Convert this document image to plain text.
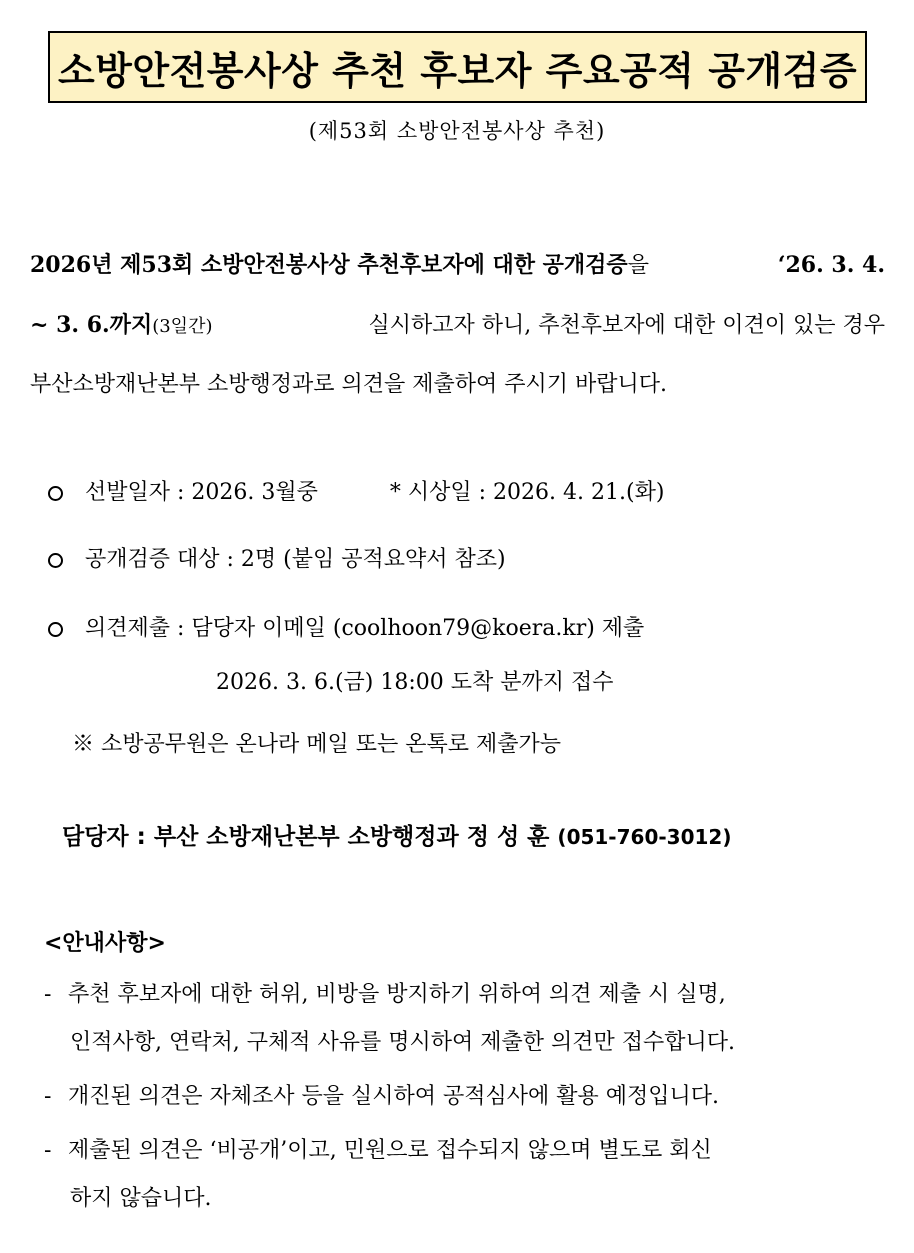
소방안전봉사상 추천 후보자 주요공적 공개검증
(제53회 소방안전봉사상 추천)
2026년 제53회 소방안전봉사상 추천후보자에 대한 공개검증을	‘26. 3. 4.
~ 3. 6.까지(3일간)	실시하고자 하니, 추천후보자에 대한 이견이 있는 경우
부산소방재난본부 소방행정과로 의견을 제출하여 주시기 바랍니다.
선발일자 : 2026. 3월중	* 시상일 : 2026. 4. 21.(화)
공개검증 대상 : 2명 (붙임 공적요약서 참조)
의견제출 : 담당자 이메일 (coolhoon79@koera.kr) 제출
2026. 3. 6.(금) 18:00 도착 분까지 접수
※ 소방공무원은 온나라 메일 또는 온톡로 제출가능
담당자 : 부산 소방재난본부 소방행정과 정 성 훈 (051-760-3012)
<안내사항>
- 추천 후보자에 대한 허위, 비방을 방지하기 위하여 의견 제출 시 실명,
인적사항, 연락처, 구체적 사유를 명시하여 제출한 의견만 접수합니다.
- 개진된 의견은 자체조사 등을 실시하여 공적심사에 활용 예정입니다.
- 제출된 의견은 ‘비공개’이고, 민원으로 접수되지 않으며 별도로 회신
하지 않습니다.
